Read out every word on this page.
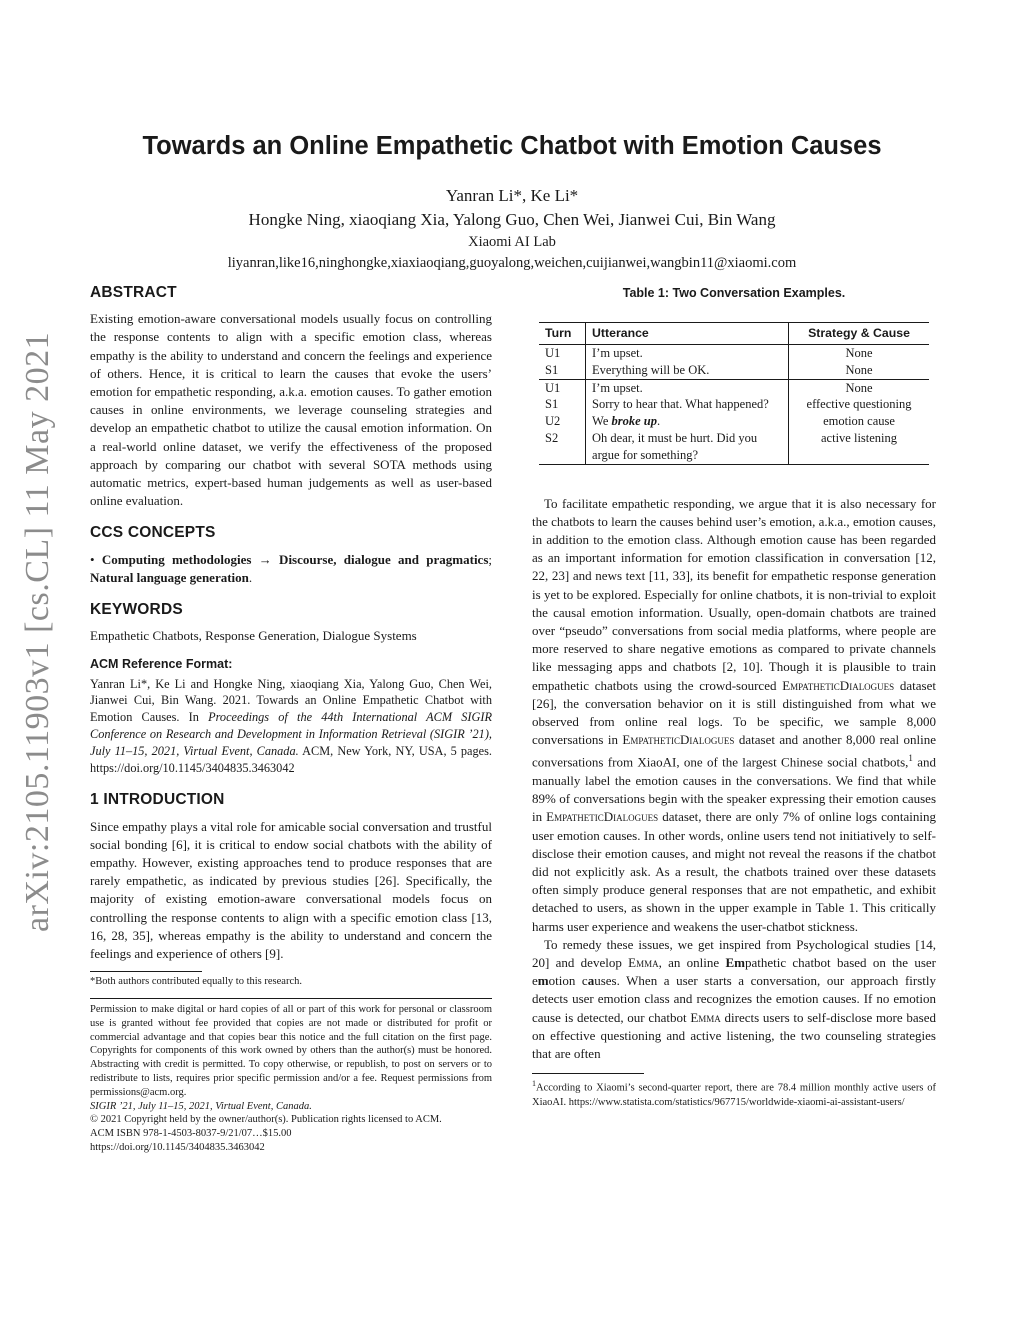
arXiv:2105.11903v1 [cs.CL] 11 May 2021
Towards an Online Empathetic Chatbot with Emotion Causes

Yanran Li*, Ke Li*

Hongke Ning, xiaoqiang Xia, Yalong Guo, Chen Wei, Jianwei Cui, Bin Wang

Xiaomi AI Lab

liyanran,like16,ninghongke,xiaxiaoqiang,guoyalong,weichen,cuijianwei,wangbin11@xiaomi.com

ABSTRACT

Existing emotion-aware conversational models usually focus on controlling the response contents to align with a specific emotion class, whereas empathy is the ability to understand and concern the feelings and experience of others. Hence, it is critical to learn the causes that evoke the users’ emotion for empathetic responding, a.k.a. emotion causes. To gather emotion causes in online environments, we leverage counseling strategies and develop an empathetic chatbot to utilize the causal emotion information. On a real-world online dataset, we verify the effectiveness of the proposed approach by comparing our chatbot with several SOTA methods using automatic metrics, expert-based human judgements as well as user-based online evaluation.

CCS CONCEPTS

• Computing methodologies → Discourse, dialogue and pragmatics; Natural language generation.

KEYWORDS

Empathetic Chatbots, Response Generation, Dialogue Systems

ACM Reference Format:

Yanran Li*, Ke Li and Hongke Ning, xiaoqiang Xia, Yalong Guo, Chen Wei, Jianwei Cui, Bin Wang. 2021. Towards an Online Empathetic Chatbot with Emotion Causes. In Proceedings of the 44th International ACM SIGIR Conference on Research and Development in Information Retrieval (SIGIR ’21), July 11–15, 2021, Virtual Event, Canada. ACM, New York, NY, USA, 5 pages. https://doi.org/10.1145/3404835.3463042

1 INTRODUCTION

Since empathy plays a vital role for amicable social conversation and trustful social bonding [6], it is critical to endow social chatbots with the ability of empathy. However, existing approaches tend to produce responses that are rarely empathetic, as indicated by previous studies [26]. Specifically, the majority of existing emotion-aware conversational models focus on controlling the response contents to align with a specific emotion class [13, 16, 28, 35], whereas empathy is the ability to understand and concern the feelings and experience of others [9].

*Both authors contributed equally to this research.

Permission to make digital or hard copies of all or part of this work for personal or classroom use is granted without fee provided that copies are not made or distributed for profit or commercial advantage and that copies bear this notice and the full citation on the first page. Copyrights for components of this work owned by others than the author(s) must be honored. Abstracting with credit is permitted. To copy otherwise, or republish, to post on servers or to redistribute to lists, requires prior specific permission and/or a fee. Request permissions from permissions@acm.org.

SIGIR ’21, July 11–15, 2021, Virtual Event, Canada.

© 2021 Copyright held by the owner/author(s). Publication rights licensed to ACM.

ACM ISBN 978-1-4503-8037-9/21/07…$15.00

https://doi.org/10.1145/3404835.3463042

Table 1: Two Conversation Examples.

Turn	Utterance	Strategy & Cause
U1	I’m upset.	None
S1	Everything will be OK.	None
U1	I’m upset.	None
S1	Sorry to hear that. What happened?	effective questioning
U2	We broke up.	emotion cause
S2	Oh dear, it must be hurt. Did you argue for something?	active listening

To facilitate empathetic responding, we argue that it is also necessary for the chatbots to learn the causes behind user’s emotion, a.k.a., emotion causes, in addition to the emotion class. Although emotion cause has been regarded as an important information for emotion classification in conversation [12, 22, 23] and news text [11, 33], its benefit for empathetic response generation is yet to be explored. Especially for online chatbots, it is non-trivial to exploit the causal emotion information. Usually, open-domain chatbots are trained over “pseudo” conversations from social media platforms, where people are more reserved to share negative emotions as compared to private channels like messaging apps and chatbots [2, 10]. Though it is plausible to train empathetic chatbots using the crowd-sourced EmpatheticDialogues dataset [26], the conversation behavior on it is still distinguished from what we observed from online real logs. To be specific, we sample 8,000 conversations in EmpatheticDialogues dataset and another 8,000 real online conversations from XiaoAI, one of the largest Chinese social chatbots,$^1$ and manually label the emotion causes in the conversations. We find that while 89% of conversations begin with the speaker expressing their emotion causes in EmpatheticDialogues dataset, there are only 7% of online logs containing user emotion causes. In other words, online users tend not initiatively to self-disclose their emotion causes, and might not reveal the reasons if the chatbot did not explicitly ask. As a result, the chatbots trained over these datasets often simply produce general responses that are not empathetic, and exhibit detached to users, as shown in the upper example in Table 1. This critically harms user experience and weakens the user-chatbot stickness.

To remedy these issues, we get inspired from Psychological studies [14, 20] and develop Emma, an online Empathetic chatbot based on the user emotion causes. When a user starts a conversation, our approach firstly detects user emotion class and recognizes the emotion causes. If no emotion cause is detected, our chatbot Emma directs users to self-disclose more based on effective questioning and active listening, the two counseling strategies that are often

$^1$According to Xiaomi’s second-quarter report, there are 78.4 million monthly active users of XiaoAI. https://www.statista.com/statistics/967715/worldwide-xiaomi-ai-assistant-users/
